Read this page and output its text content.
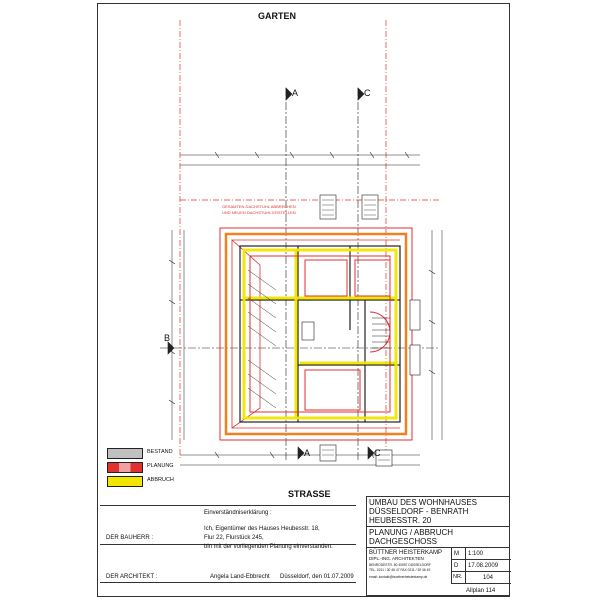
GARTEN
STRASSE
A	C
A	C
B
GESAMTEN DACHSTUHL ABBRECHEN
UND NEUEN DACHSTUHL ERSTELLEN
BESTAND
PLANUNG
ABBRUCH
Einverständniserklärung :
Ich, Eigentümer des Hauses Heubesstr. 18,
Flur 22, Flurstück 245,
bin mit der vorliegenden Planung einverstanden.
DER BAUHERR :
DER ARCHITEKT :	Angela Land-Ebbrecht Düsseldorf, den 01.07.2009
UMBAU DES WOHNHAUSES
DÜSSELDORF - BENRATH
HEUBESSTR. 20
PLANUNG / ABBRUCH
DACHGESCHOSS
BÜTTNER HEISTERKAMP
DIPL.-ING. ARCHITEKTEN
BENRODESTR. 80 40597 DÜSSELDORF
TEL. 0211 / 30 46 47 FAX 0211 / 30 46 49
email: kontakt@buettnerheisterkamp.de
M 1:100
D 17.08.2009
NR.	104
Allplan 114
